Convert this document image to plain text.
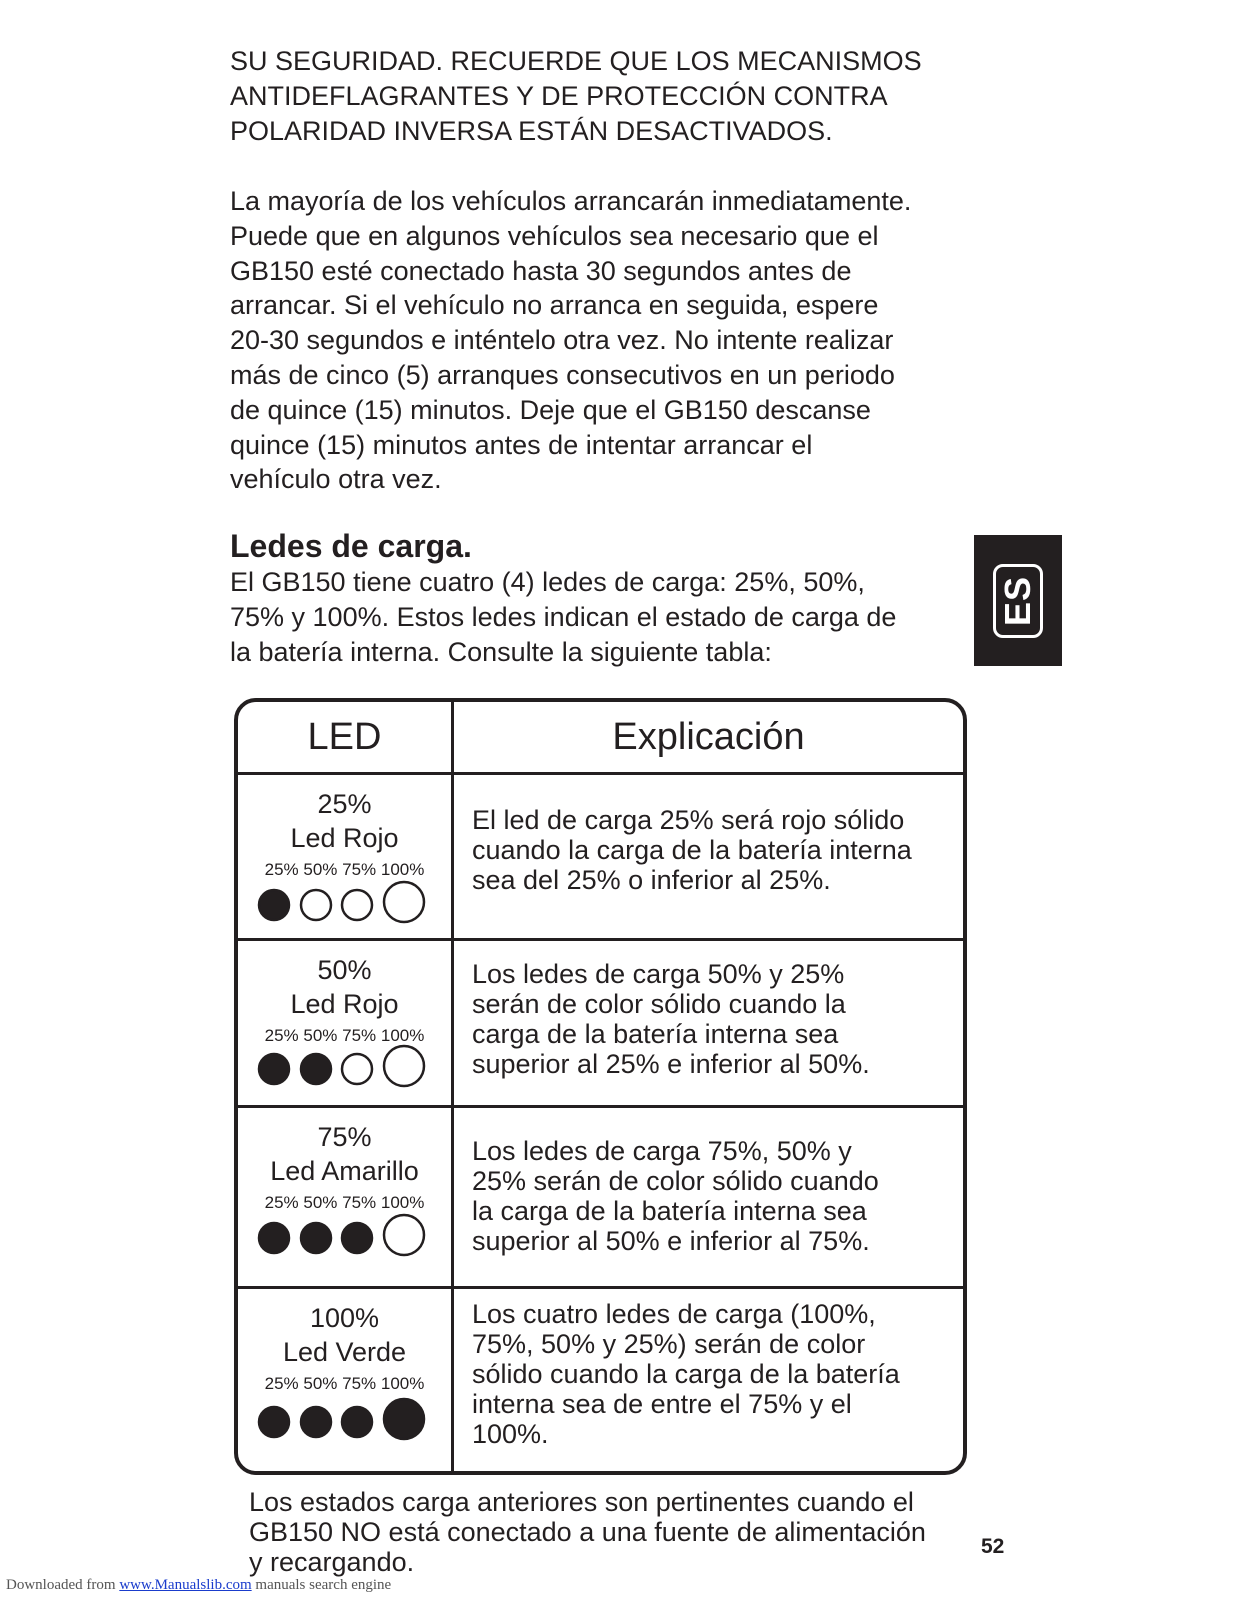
SU SEGURIDAD. RECUERDE QUE LOS MECANISMOS
ANTIDEFLAGRANTES Y DE PROTECCIÓN CONTRA
POLARIDAD INVERSA ESTÁN DESACTIVADOS.
La mayoría de los vehículos arrancarán inmediatamente.
Puede que en algunos vehículos sea necesario que el
GB150 esté conectado hasta 30 segundos antes de
arrancar. Si el vehículo no arranca en seguida, espere
20-30 segundos e inténtelo otra vez. No intente realizar
más de cinco (5) arranques consecutivos en un periodo
de quince (15) minutos. Deje que el GB150 descanse
quince (15) minutos antes de intentar arrancar el
vehículo otra vez.
Ledes de carga.
El GB150 tiene cuatro (4) ledes de carga: 25%, 50%,
75% y 100%. Estos ledes indican el estado de carga de
la batería interna. Consulte la siguiente tabla:
ES
LED	Explicación
25%
Led Rojo
25% 50% 75% 100%
El led de carga 25% será rojo sólido
cuando la carga de la batería interna
sea del 25% o inferior al 25%.
50%
Led Rojo
25% 50% 75% 100%
Los ledes de carga 50% y 25%
serán de color sólido cuando la
carga de la batería interna sea
superior al 25% e inferior al 50%.
75%
Led Amarillo
25% 50% 75% 100%
Los ledes de carga 75%, 50% y
25% serán de color sólido cuando
la carga de la batería interna sea
superior al 50% e inferior al 75%.
100%
Led Verde
25% 50% 75% 100%
Los cuatro ledes de carga (100%,
75%, 50% y 25%) serán de color
sólido cuando la carga de la batería
interna sea de entre el 75% y el
100%.
Los estados carga anteriores son pertinentes cuando el
GB150 NO está conectado a una fuente de alimentación
y recargando.
52
Downloaded from www.Manualslib.com manuals search engine
